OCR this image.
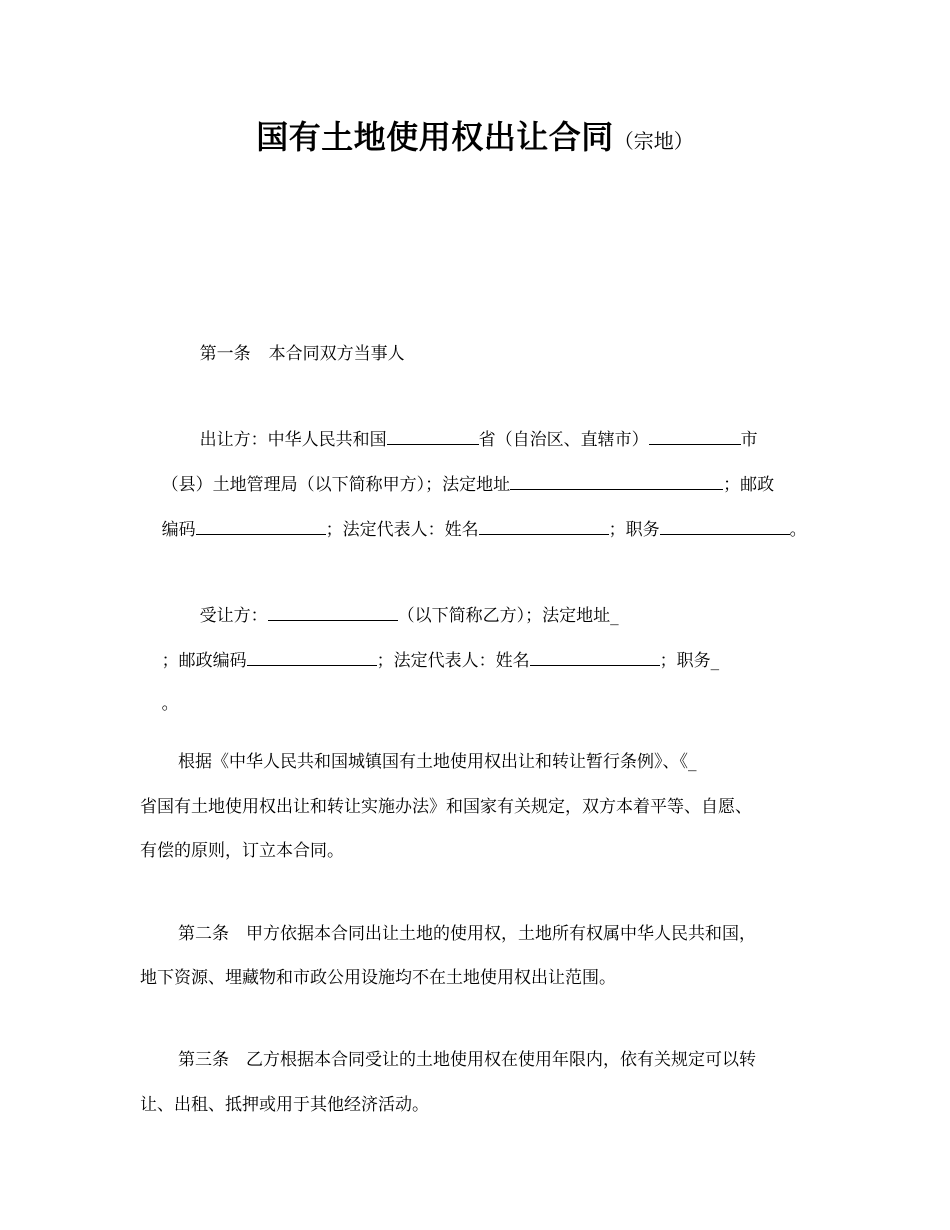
国有土地使用权出让合同（宗地）

第一条 本合同双方当事人

出让方：中华人民共和国	省（自治区、直辖市）	市

（县）土地管理局（以下简称甲方）；法定地址	；邮政

编码	；法定代表人：姓名	；职务	。

受让方：	（以下简称乙方）；法定地址_

；邮政编码	；法定代表人：姓名	；职务_

。

根据《中华人民共和国城镇国有土地使用权出让和转让暂行条例》、《_
省国有土地使用权出让和转让实施办法》和国家有关规定，双方本着平等、自愿、
有偿的原则，订立本合同。
第二条　甲方依据本合同出让土地的使用权，土地所有权属中华人民共和国，
地下资源、埋藏物和市政公用设施均不在土地使用权出让范围。
第三条　乙方根据本合同受让的土地使用权在使用年限内，依有关规定可以转
让、出租、抵押或用于其他经济活动。
